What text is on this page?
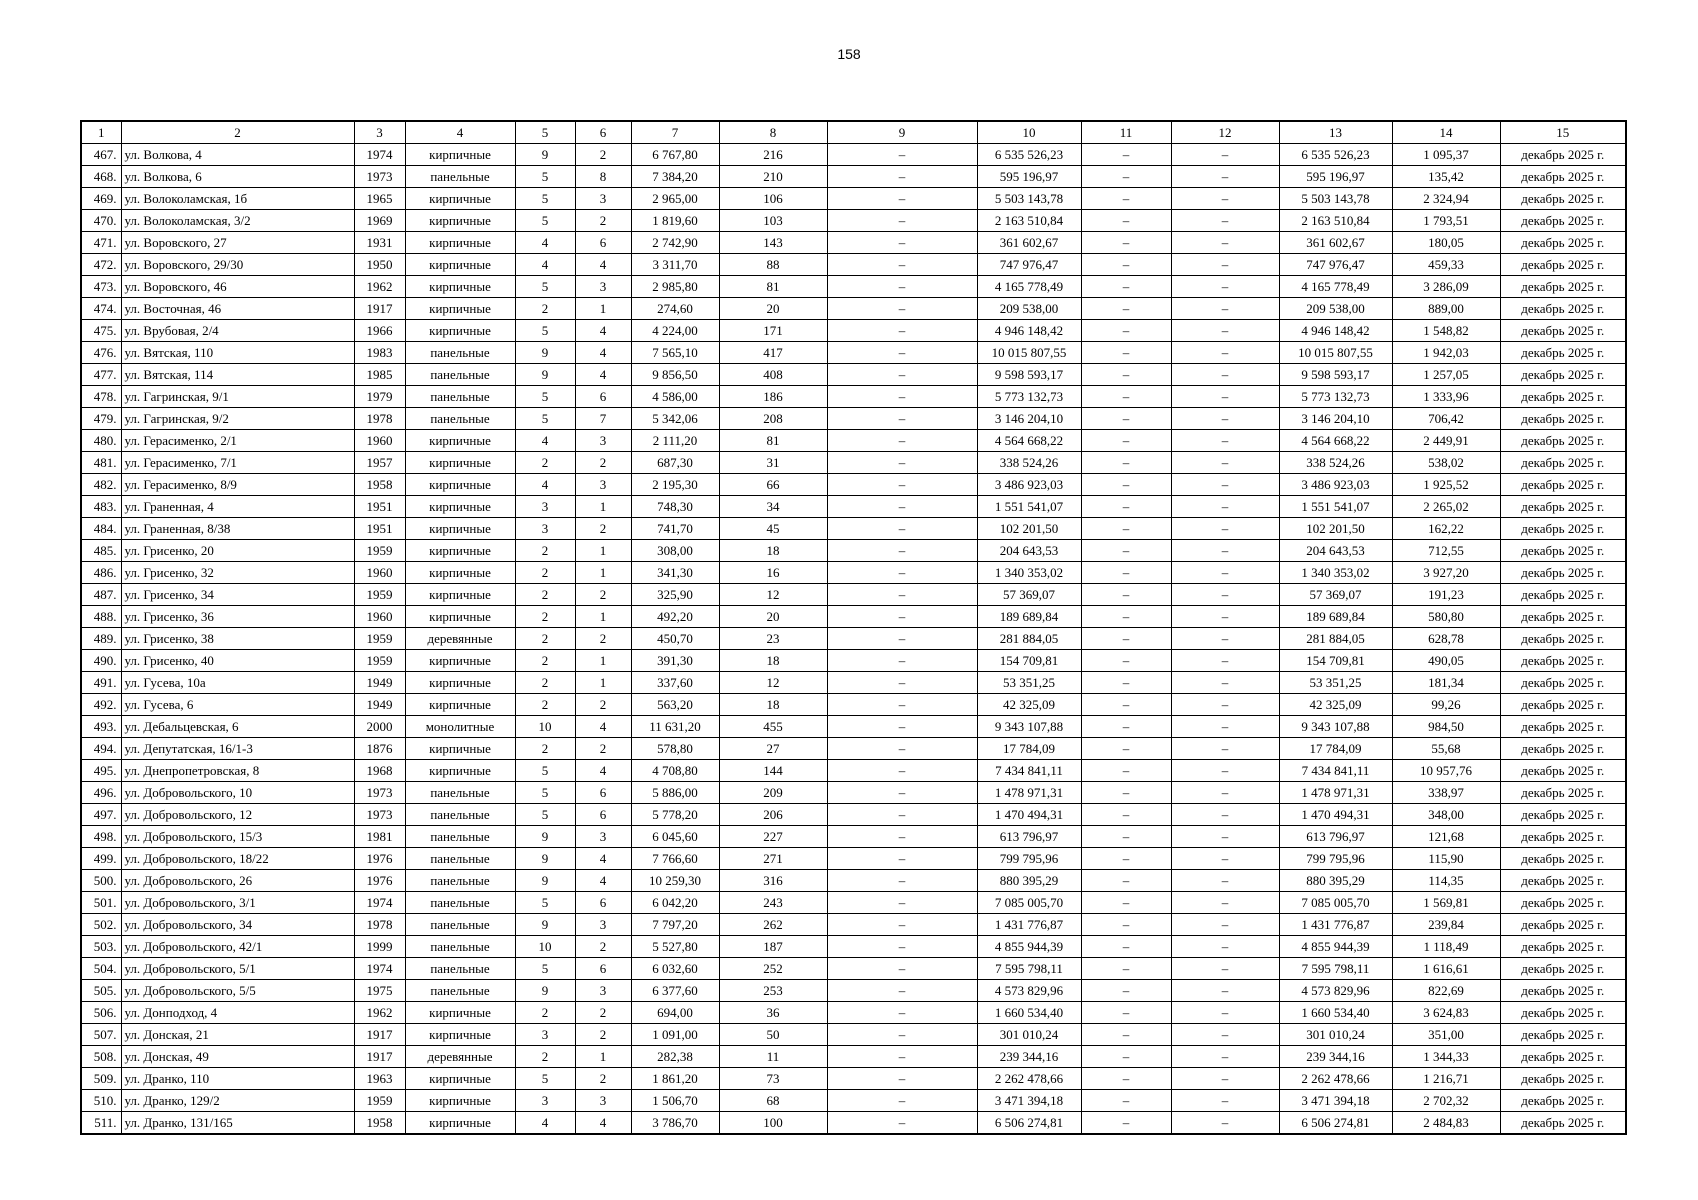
158
1	2	3	4	5	6	7	8	9	10	11	12	13	14	15
467.	ул. Волкова, 4	1974	кирпичные	9	2	6 767,80	216	–	6 535 526,23	–	–	6 535 526,23	1 095,37	декабрь 2025 г.
468.	ул. Волкова, 6	1973	панельные	5	8	7 384,20	210	–	595 196,97	–	–	595 196,97	135,42	декабрь 2025 г.
469.	ул. Волоколамская, 1б	1965	кирпичные	5	3	2 965,00	106	–	5 503 143,78	–	–	5 503 143,78	2 324,94	декабрь 2025 г.
470.	ул. Волоколамская, 3/2	1969	кирпичные	5	2	1 819,60	103	–	2 163 510,84	–	–	2 163 510,84	1 793,51	декабрь 2025 г.
471.	ул. Воровского, 27	1931	кирпичные	4	6	2 742,90	143	–	361 602,67	–	–	361 602,67	180,05	декабрь 2025 г.
472.	ул. Воровского, 29/30	1950	кирпичные	4	4	3 311,70	88	–	747 976,47	–	–	747 976,47	459,33	декабрь 2025 г.
473.	ул. Воровского, 46	1962	кирпичные	5	3	2 985,80	81	–	4 165 778,49	–	–	4 165 778,49	3 286,09	декабрь 2025 г.
474.	ул. Восточная, 46	1917	кирпичные	2	1	274,60	20	–	209 538,00	–	–	209 538,00	889,00	декабрь 2025 г.
475.	ул. Врубовая, 2/4	1966	кирпичные	5	4	4 224,00	171	–	4 946 148,42	–	–	4 946 148,42	1 548,82	декабрь 2025 г.
476.	ул. Вятская, 110	1983	панельные	9	4	7 565,10	417	–	10 015 807,55	–	–	10 015 807,55	1 942,03	декабрь 2025 г.
477.	ул. Вятская, 114	1985	панельные	9	4	9 856,50	408	–	9 598 593,17	–	–	9 598 593,17	1 257,05	декабрь 2025 г.
478.	ул. Гагринская, 9/1	1979	панельные	5	6	4 586,00	186	–	5 773 132,73	–	–	5 773 132,73	1 333,96	декабрь 2025 г.
479.	ул. Гагринская, 9/2	1978	панельные	5	7	5 342,06	208	–	3 146 204,10	–	–	3 146 204,10	706,42	декабрь 2025 г.
480.	ул. Герасименко, 2/1	1960	кирпичные	4	3	2 111,20	81	–	4 564 668,22	–	–	4 564 668,22	2 449,91	декабрь 2025 г.
481.	ул. Герасименко, 7/1	1957	кирпичные	2	2	687,30	31	–	338 524,26	–	–	338 524,26	538,02	декабрь 2025 г.
482.	ул. Герасименко, 8/9	1958	кирпичные	4	3	2 195,30	66	–	3 486 923,03	–	–	3 486 923,03	1 925,52	декабрь 2025 г.
483.	ул. Граненная, 4	1951	кирпичные	3	1	748,30	34	–	1 551 541,07	–	–	1 551 541,07	2 265,02	декабрь 2025 г.
484.	ул. Граненная, 8/38	1951	кирпичные	3	2	741,70	45	–	102 201,50	–	–	102 201,50	162,22	декабрь 2025 г.
485.	ул. Грисенко, 20	1959	кирпичные	2	1	308,00	18	–	204 643,53	–	–	204 643,53	712,55	декабрь 2025 г.
486.	ул. Грисенко, 32	1960	кирпичные	2	1	341,30	16	–	1 340 353,02	–	–	1 340 353,02	3 927,20	декабрь 2025 г.
487.	ул. Грисенко, 34	1959	кирпичные	2	2	325,90	12	–	57 369,07	–	–	57 369,07	191,23	декабрь 2025 г.
488.	ул. Грисенко, 36	1960	кирпичные	2	1	492,20	20	–	189 689,84	–	–	189 689,84	580,80	декабрь 2025 г.
489.	ул. Грисенко, 38	1959	деревянные	2	2	450,70	23	–	281 884,05	–	–	281 884,05	628,78	декабрь 2025 г.
490.	ул. Грисенко, 40	1959	кирпичные	2	1	391,30	18	–	154 709,81	–	–	154 709,81	490,05	декабрь 2025 г.
491.	ул. Гусева, 10а	1949	кирпичные	2	1	337,60	12	–	53 351,25	–	–	53 351,25	181,34	декабрь 2025 г.
492.	ул. Гусева, 6	1949	кирпичные	2	2	563,20	18	–	42 325,09	–	–	42 325,09	99,26	декабрь 2025 г.
493.	ул. Дебальцевская, 6	2000	монолитные	10	4	11 631,20	455	–	9 343 107,88	–	–	9 343 107,88	984,50	декабрь 2025 г.
494.	ул. Депутатская, 16/1-3	1876	кирпичные	2	2	578,80	27	–	17 784,09	–	–	17 784,09	55,68	декабрь 2025 г.
495.	ул. Днепропетровская, 8	1968	кирпичные	5	4	4 708,80	144	–	7 434 841,11	–	–	7 434 841,11	10 957,76	декабрь 2025 г.
496.	ул. Добровольского, 10	1973	панельные	5	6	5 886,00	209	–	1 478 971,31	–	–	1 478 971,31	338,97	декабрь 2025 г.
497.	ул. Добровольского, 12	1973	панельные	5	6	5 778,20	206	–	1 470 494,31	–	–	1 470 494,31	348,00	декабрь 2025 г.
498.	ул. Добровольского, 15/3	1981	панельные	9	3	6 045,60	227	–	613 796,97	–	–	613 796,97	121,68	декабрь 2025 г.
499.	ул. Добровольского, 18/22	1976	панельные	9	4	7 766,60	271	–	799 795,96	–	–	799 795,96	115,90	декабрь 2025 г.
500.	ул. Добровольского, 26	1976	панельные	9	4	10 259,30	316	–	880 395,29	–	–	880 395,29	114,35	декабрь 2025 г.
501.	ул. Добровольского, 3/1	1974	панельные	5	6	6 042,20	243	–	7 085 005,70	–	–	7 085 005,70	1 569,81	декабрь 2025 г.
502.	ул. Добровольского, 34	1978	панельные	9	3	7 797,20	262	–	1 431 776,87	–	–	1 431 776,87	239,84	декабрь 2025 г.
503.	ул. Добровольского, 42/1	1999	панельные	10	2	5 527,80	187	–	4 855 944,39	–	–	4 855 944,39	1 118,49	декабрь 2025 г.
504.	ул. Добровольского, 5/1	1974	панельные	5	6	6 032,60	252	–	7 595 798,11	–	–	7 595 798,11	1 616,61	декабрь 2025 г.
505.	ул. Добровольского, 5/5	1975	панельные	9	3	6 377,60	253	–	4 573 829,96	–	–	4 573 829,96	822,69	декабрь 2025 г.
506.	ул. Донподход, 4	1962	кирпичные	2	2	694,00	36	–	1 660 534,40	–	–	1 660 534,40	3 624,83	декабрь 2025 г.
507.	ул. Донская, 21	1917	кирпичные	3	2	1 091,00	50	–	301 010,24	–	–	301 010,24	351,00	декабрь 2025 г.
508.	ул. Донская, 49	1917	деревянные	2	1	282,38	11	–	239 344,16	–	–	239 344,16	1 344,33	декабрь 2025 г.
509.	ул. Дранко, 110	1963	кирпичные	5	2	1 861,20	73	–	2 262 478,66	–	–	2 262 478,66	1 216,71	декабрь 2025 г.
510.	ул. Дранко, 129/2	1959	кирпичные	3	3	1 506,70	68	–	3 471 394,18	–	–	3 471 394,18	2 702,32	декабрь 2025 г.
511.	ул. Дранко, 131/165	1958	кирпичные	4	4	3 786,70	100	–	6 506 274,81	–	–	6 506 274,81	2 484,83	декабрь 2025 г.
